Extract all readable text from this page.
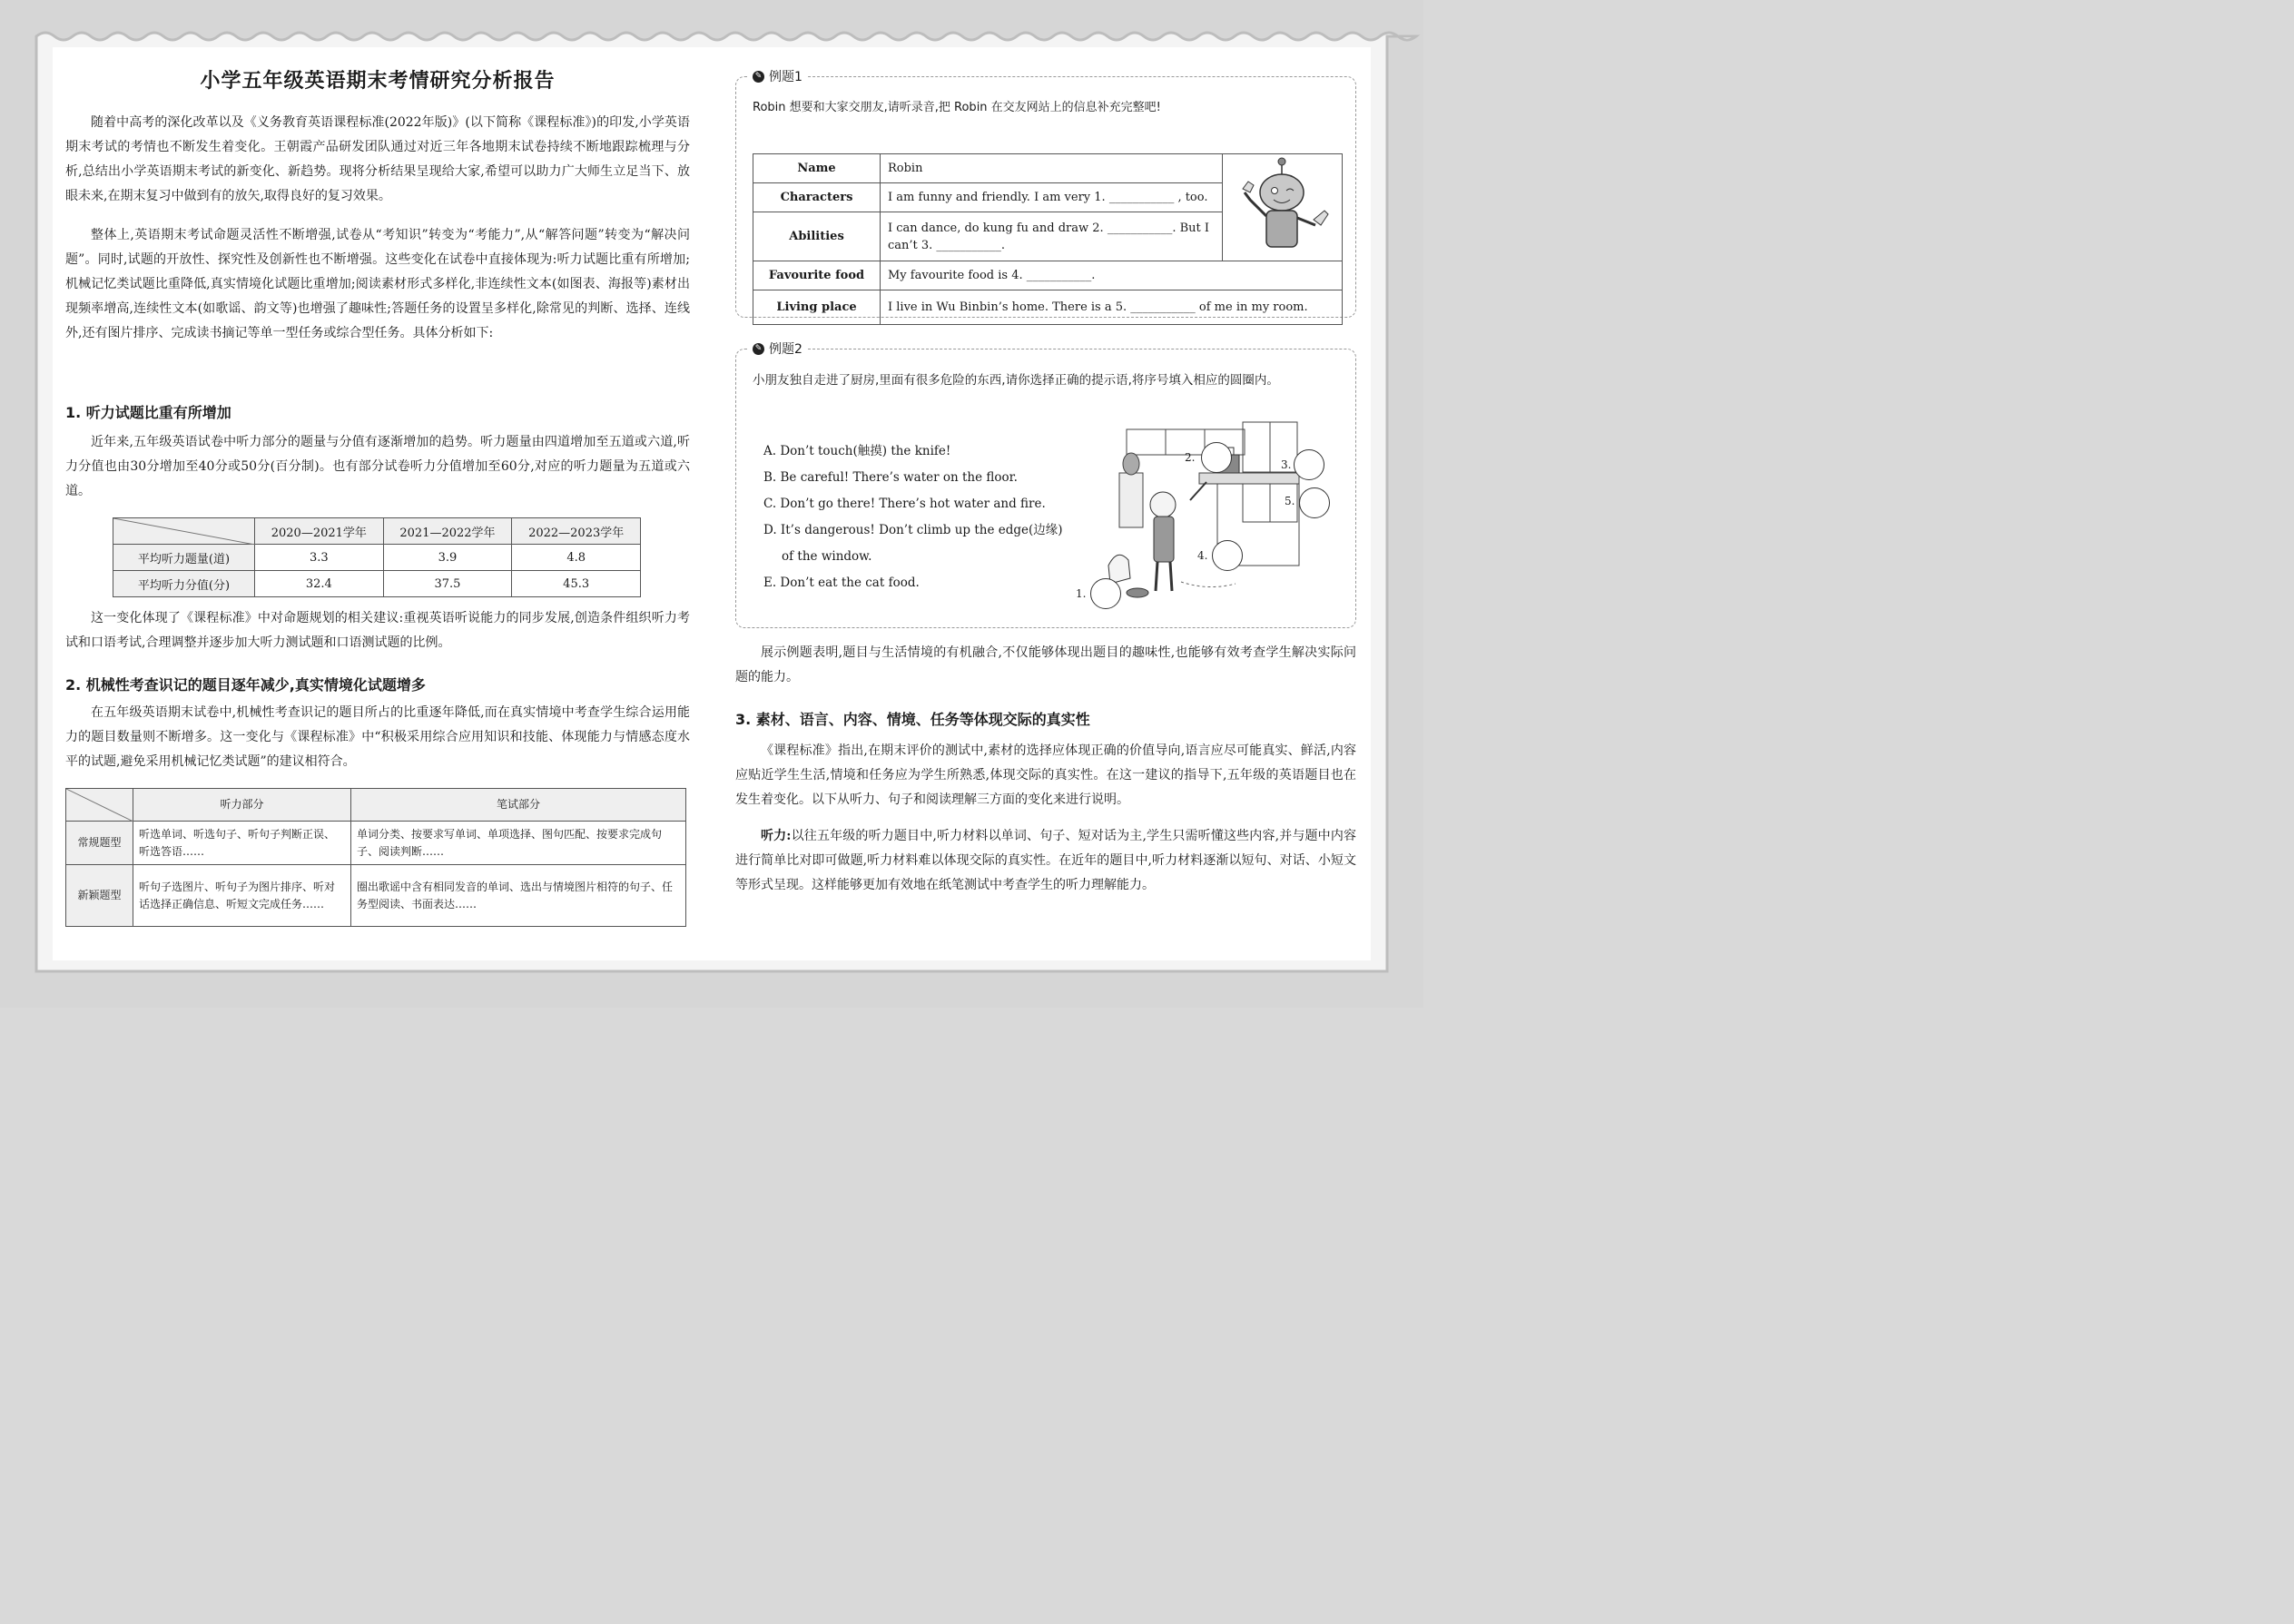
小学五年级英语期末考情研究分析报告
随着中高考的深化改革以及《义务教育英语课程标准(2022年版)》(以下简称《课程标准》)的印发,小学英语期末考试的考情也不断发生着变化。王朝霞产品研发团队通过对近三年各地期末试卷持续不断地跟踪梳理与分析,总结出小学英语期末考试的新变化、新趋势。现将分析结果呈现给大家,希望可以助力广大师生立足当下、放眼未来,在期末复习中做到有的放矢,取得良好的复习效果。
整体上,英语期末考试命题灵活性不断增强,试卷从“考知识”转变为“考能力”,从“解答问题”转变为“解决问题”。同时,试题的开放性、探究性及创新性也不断增强。这些变化在试卷中直接体现为:听力试题比重有所增加;机械记忆类试题比重降低,真实情境化试题比重增加;阅读素材形式多样化,非连续性文本(如图表、海报等)素材出现频率增高,连续性文本(如歌谣、韵文等)也增强了趣味性;答题任务的设置呈多样化,除常见的判断、选择、连线外,还有图片排序、完成读书摘记等单一型任务或综合型任务。具体分析如下:
1. 听力试题比重有所增加
近年来,五年级英语试卷中听力部分的题量与分值有逐渐增加的趋势。听力题量由四道增加至五道或六道,听力分值也由30分增加至40分或50分(百分制)。也有部分试卷听力分值增加至60分,对应的听力题量为五道或六道。
	2020—2021学年	2021—2022学年	2022—2023学年
平均听力题量(道)	3.3	3.9	4.8
平均听力分值(分)	32.4	37.5	45.3
这一变化体现了《课程标准》中对命题规划的相关建议:重视英语听说能力的同步发展,创造条件组织听力考试和口语考试,合理调整并逐步加大听力测试题和口语测试题的比例。
2. 机械性考查识记的题目逐年减少,真实情境化试题增多
在五年级英语期末试卷中,机械性考查识记的题目所占的比重逐年降低,而在真实情境中考查学生综合运用能力的题目数量则不断增多。这一变化与《课程标准》中“积极采用综合应用知识和技能、体现能力与情感态度水平的试题,避免采用机械记忆类试题”的建议相符合。
	听力部分	笔试部分
常规题型	听选单词、听选句子、听句子判断正误、听选答语……	单词分类、按要求写单词、单项选择、图句匹配、按要求完成句子、阅读判断……
新颖题型	听句子选图片、听句子为图片排序、听对话选择正确信息、听短文完成任务……	圈出歌谣中含有相同发音的单词、选出与情境图片相符的句子、任务型阅读、书面表达……
✎ 例题1
Robin 想要和大家交朋友,请听录音,把 Robin 在交友网站上的信息补充完整吧!
Name	Robin	
Characters	I am funny and friendly. I am very 1. ___________ , too.	
Abilities	I can dance, do kung fu and draw 2. ___________. But I can’t 3. ___________.	
Favourite food	My favourite food is 4. ___________.	
Living place	I live in Wu Binbin’s home. There is a 5. ___________ of me in my room.	
✎ 例题2
小朋友独自走进了厨房,里面有很多危险的东西,请你选择正确的提示语,将序号填入相应的圆圈内。
A. Don’t touch(触摸) the knife!
B. Be careful! There’s water on the floor.
C. Don’t go there! There’s hot water and fire.
D. It’s dangerous! Don’t climb up the edge(边缘)
of the window.
E. Don’t eat the cat food.
1.
2.
3.
4.
5.
展示例题表明,题目与生活情境的有机融合,不仅能够体现出题目的趣味性,也能够有效考查学生解决实际问题的能力。
3. 素材、语言、内容、情境、任务等体现交际的真实性
《课程标准》指出,在期末评价的测试中,素材的选择应体现正确的价值导向,语言应尽可能真实、鲜活,内容应贴近学生生活,情境和任务应为学生所熟悉,体现交际的真实性。在这一建议的指导下,五年级的英语题目也在发生着变化。以下从听力、句子和阅读理解三方面的变化来进行说明。
听力:以往五年级的听力题目中,听力材料以单词、句子、短对话为主,学生只需听懂这些内容,并与题中内容进行简单比对即可做题,听力材料难以体现交际的真实性。在近年的题目中,听力材料逐渐以短句、对话、小短文等形式呈现。这样能够更加有效地在纸笔测试中考查学生的听力理解能力。
